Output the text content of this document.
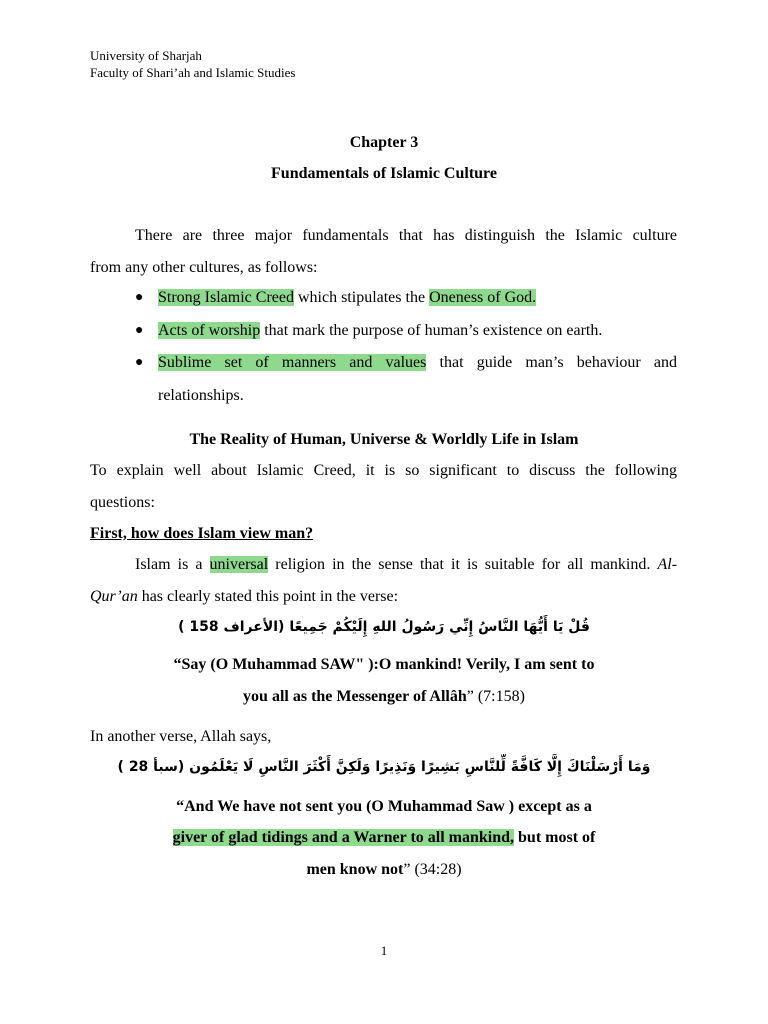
University of Sharjah
Faculty of Shari’ah and Islamic Studies
Chapter 3
Fundamentals of Islamic Culture
There are three major fundamentals that has distinguish the Islamic culture
from any other cultures, as follows:
● Strong Islamic Creed which stipulates the Oneness of God.
● Acts of worship that mark the purpose of human’s existence on earth.
● Sublime set of manners and values that guide man’s behaviour and
relationships.
The Reality of Human, Universe & Worldly Life in Islam
To explain well about Islamic Creed, it is so significant to discuss the following
questions:
First, how does Islam view man?
Islam is a universal religion in the sense that it is suitable for all mankind. Al-
Qur’an has clearly stated this point in the verse:
قُلْ يَا أَيُّهَا النَّاسُ إِنِّي رَسُولُ اللهِ إِلَيْكُمْ جَمِيعًا (الأعراف 158 )
“Say (O Muhammad SAW" ):O mankind! Verily, I am sent to
you all as the Messenger of Allâh” (7:158)
In another verse, Allah says,
وَمَا أَرْسَلْنَاكَ إِلَّا كَافَّةً لِّلنَّاسِ بَشِيرًا وَنَذِيرًا وَلَكِنَّ أَكْثَرَ النَّاسِ لَا يَعْلَمُون (سبأ 28 )
“And We have not sent you (O Muhammad Saw ) except as a
giver of glad tidings and a Warner to all mankind, but most of
men know not” (34:28)
1
